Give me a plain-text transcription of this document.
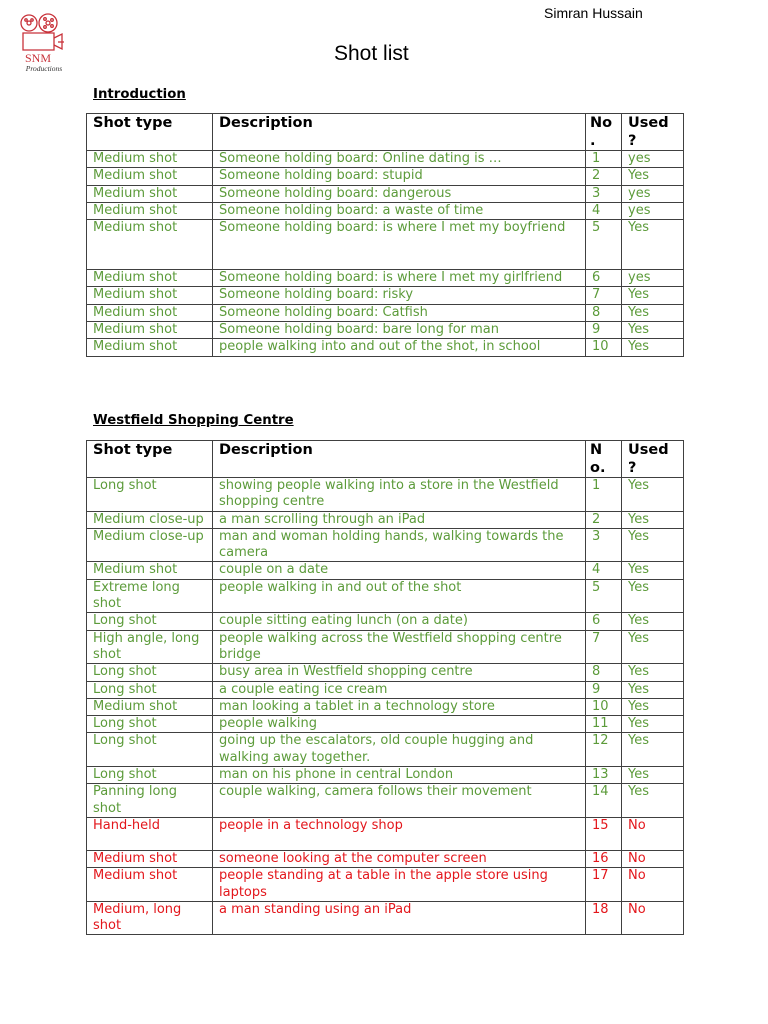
SNM
Productions
Simran Hussain
Shot list
Introduction
Shot type	Description	No .	Used ?
Medium shot	Someone holding board: Online dating is …	1	yes
Medium shot	Someone holding board: stupid	2	Yes
Medium shot	Someone holding board: dangerous	3	yes
Medium shot	Someone holding board: a waste of time	4	yes
Medium shot	Someone holding board: is where I met my boyfriend	5	Yes
Medium shot	Someone holding board: is where I met my girlfriend	6	yes
Medium shot	Someone holding board: risky	7	Yes
Medium shot	Someone holding board: Catfish	8	Yes
Medium shot	Someone holding board: bare long for man	9	Yes
Medium shot	people walking into and out of the shot, in school	10	Yes
Westfield Shopping Centre
Shot type	Description	N o.	Used ?
Long shot	showing people walking into a store in the Westfield shopping centre	1	Yes
Medium close-up	a man scrolling through an iPad	2	Yes
Medium close-up	man and woman holding hands, walking towards the camera	3	Yes
Medium shot	couple on a date	4	Yes
Extreme long shot	people walking in and out of the shot	5	Yes
Long shot	couple sitting eating lunch (on a date)	6	Yes
High angle, long shot	people walking across the Westfield shopping centre bridge	7	Yes
Long shot	busy area in Westfield shopping centre	8	Yes
Long shot	a couple eating ice cream	9	Yes
Medium shot	man looking a tablet in a technology store	10	Yes
Long shot	people walking	11	Yes
Long shot	going up the escalators, old couple hugging and walking away together.	12	Yes
Long shot	man on his phone in central London	13	Yes
Panning long shot	couple walking, camera follows their movement	14	Yes
Hand-held	people in a technology shop	15	No
Medium shot	someone looking at the computer screen	16	No
Medium shot	people standing at a table in the apple store using laptops	17	No
Medium, long shot	a man standing using an iPad	18	No
